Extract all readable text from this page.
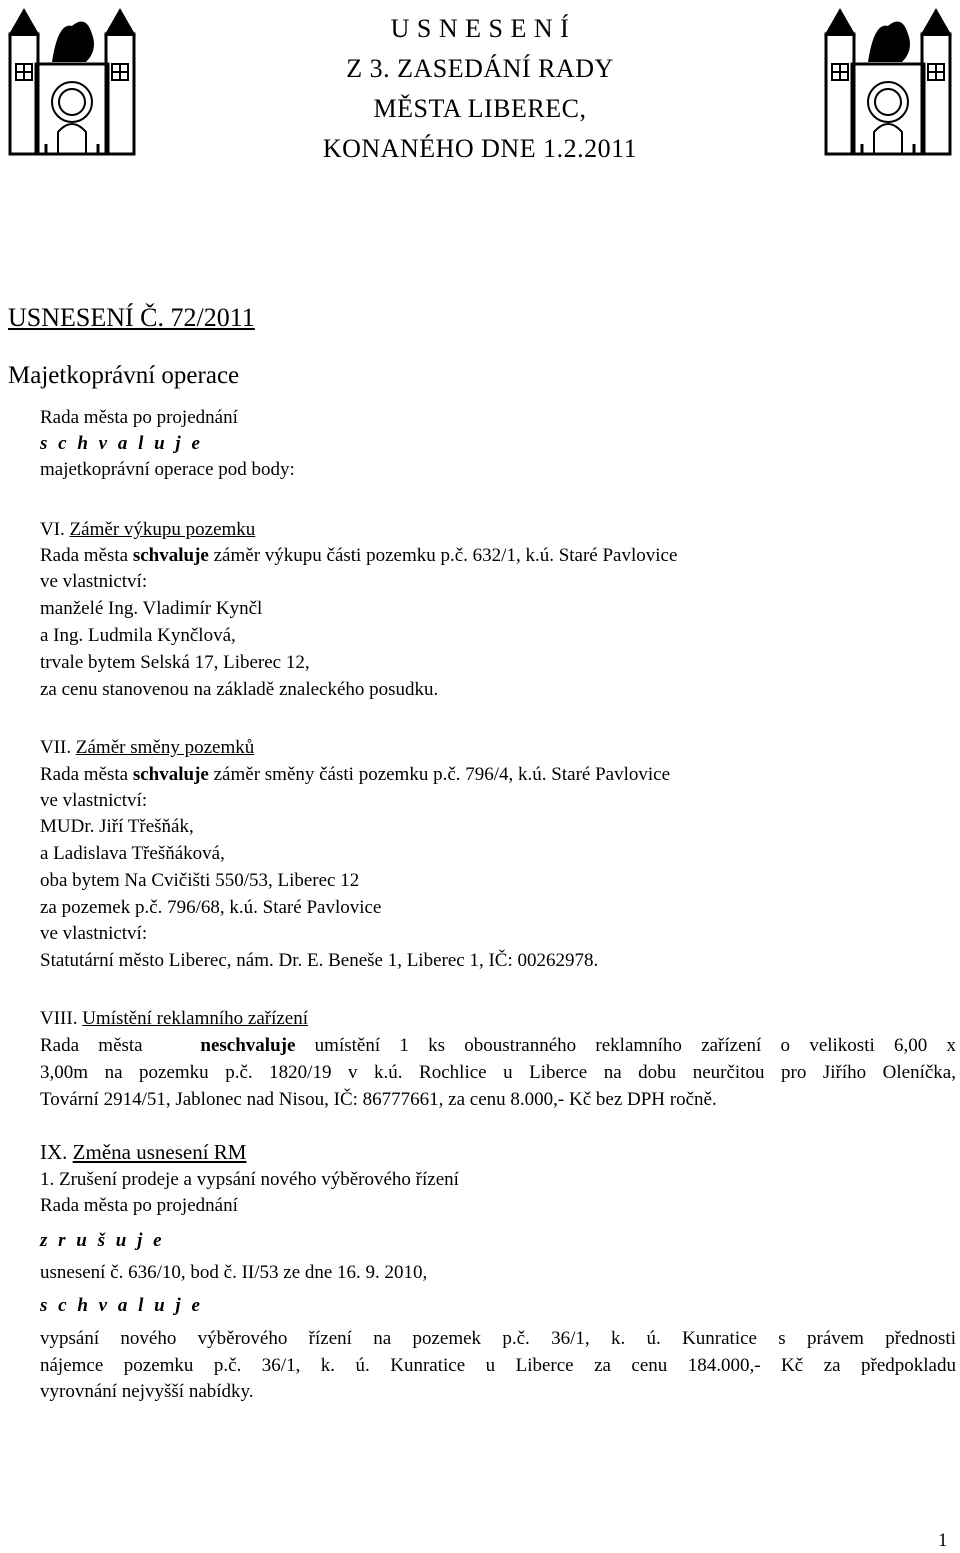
U S N E S E N Í
Z 3. ZASEDÁNÍ RADY
MĚSTA LIBEREC,
KONANÉHO DNE 1.2.2011
USNESENÍ Č. 72/2011
Majetkoprávní operace
Rada města po projednání
s c h v a l u j e
majetkoprávní operace pod body:
VI. Záměr výkupu pozemku
Rada města schvaluje záměr výkupu části pozemku p.č. 632/1, k.ú. Staré Pavlovice
ve vlastnictví:
manželé Ing. Vladimír Kynčl
a Ing. Ludmila Kynčlová,
trvale bytem Selská 17, Liberec 12,
za cenu stanovenou na základě znaleckého posudku.
VII. Záměr směny pozemků
Rada města schvaluje záměr směny části pozemku p.č. 796/4, k.ú. Staré Pavlovice
ve vlastnictví:
MUDr. Jiří Třešňák,
a Ladislava Třešňáková,
oba bytem Na Cvičišti 550/53, Liberec 12
za pozemek p.č. 796/68, k.ú. Staré Pavlovice
ve vlastnictví:
Statutární město Liberec, nám. Dr. E. Beneše 1, Liberec 1, IČ: 00262978.
VIII. Umístění reklamního zařízení
Rada města	neschvaluje umístění 1 ks oboustranného reklamního zařízení o velikosti 6,00 x
3,00m na pozemku p.č. 1820/19 v k.ú. Rochlice u Liberce na dobu neurčitou pro Jiřího Oleníčka,
Tovární 2914/51, Jablonec nad Nisou, IČ: 86777661, za cenu 8.000,- Kč bez DPH ročně.
IX. Změna usnesení RM
1. Zrušení prodeje a vypsání nového výběrového řízení
Rada města po projednání
z r u š u j e
usnesení č. 636/10, bod č. II/53 ze dne 16. 9. 2010,
s c h v a l u j e
vypsání nového výběrového řízení na pozemek p.č. 36/1, k. ú. Kunratice s právem přednosti
nájemce pozemku p.č. 36/1, k. ú. Kunratice u Liberce za cenu 184.000,- Kč za předpokladu
vyrovnání nejvyšší nabídky.
1
